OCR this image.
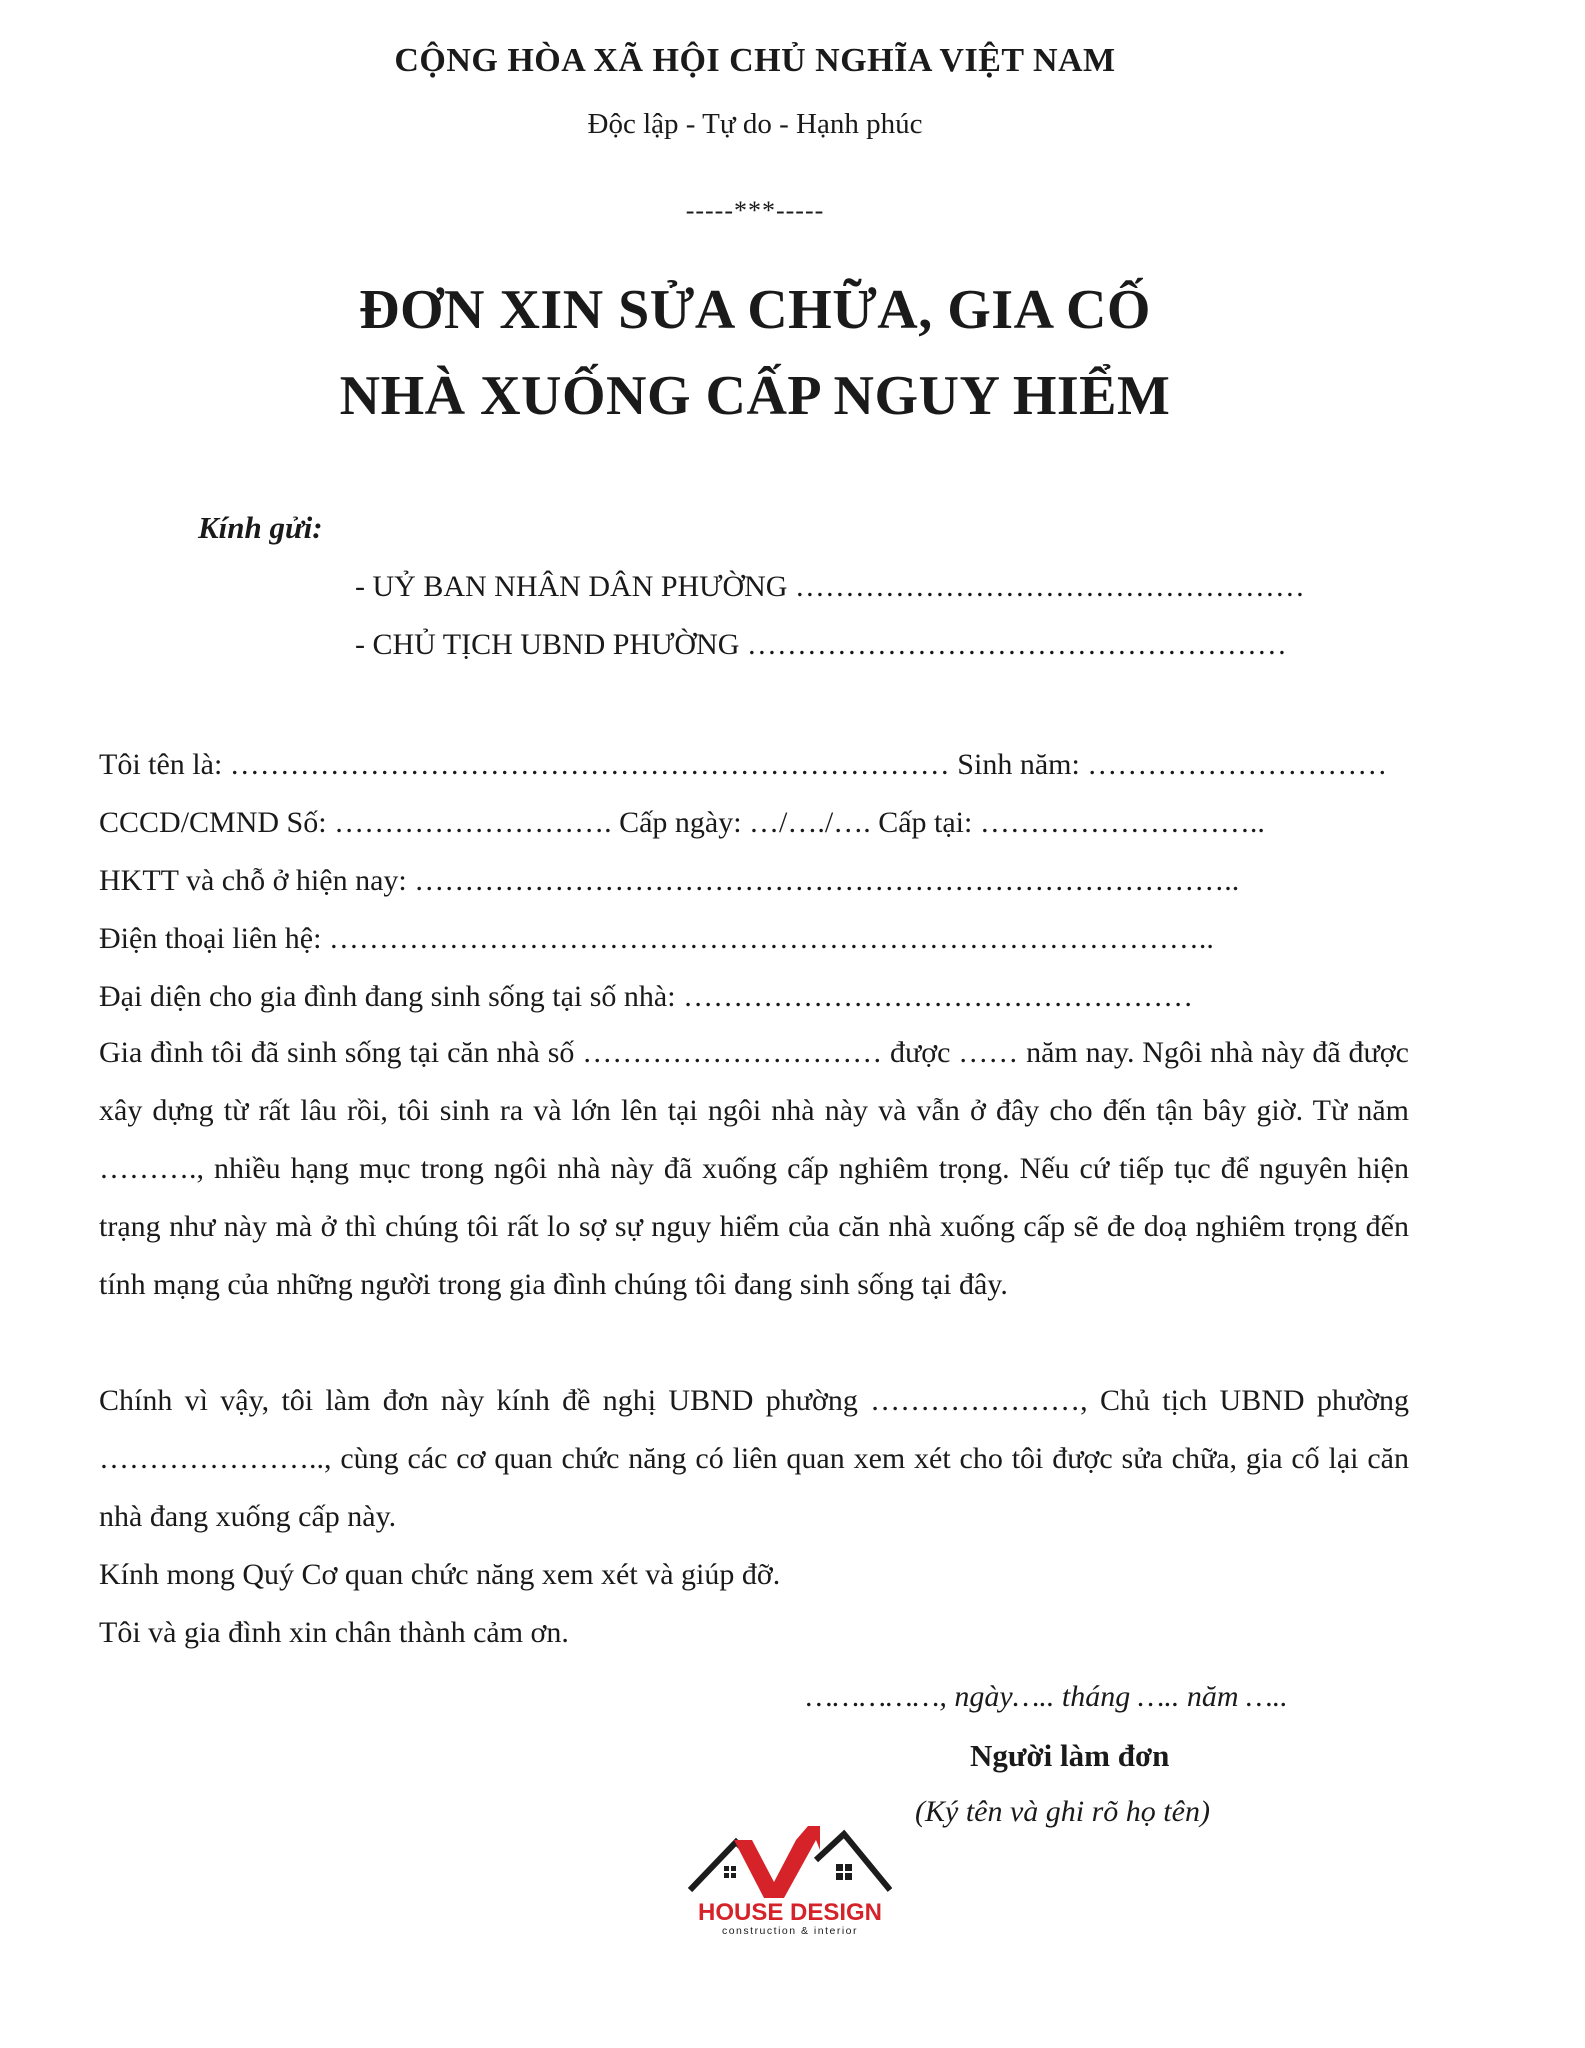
CỘNG HÒA XÃ HỘI CHỦ NGHĨA VIỆT NAM
Độc lập - Tự do - Hạnh phúc
-----***-----
ĐƠN XIN SỬA CHỮA, GIA CỐ
NHÀ XUỐNG CẤP NGUY HIỂM
Kính gửi:
- UỶ BAN NHÂN DÂN PHƯỜNG ……………………………………………
- CHỦ TỊCH UBND PHƯỜNG ………………………………………………
Tôi tên là: ……………………………………………………………… Sinh năm: …………………………
CCCD/CMND Số: ………………………. Cấp ngày: …/…./…. Cấp tại: ………………………..
HKTT và chỗ ở hiện nay: ………………………………………………………………………..
Điện thoại liên hệ: ……………………………………………………………………………..
Đại diện cho gia đình đang sinh sống tại số nhà: ……………………………………………
Gia đình tôi đã sinh sống tại căn nhà số ………………………… được …… năm nay. Ngôi nhà này đã được xây dựng từ rất lâu rồi, tôi sinh ra và lớn lên tại ngôi nhà này và vẫn ở đây cho đến tận bây giờ. Từ năm ………., nhiều hạng mục trong ngôi nhà này đã xuống cấp nghiêm trọng. Nếu cứ tiếp tục để nguyên hiện trạng như này mà ở thì chúng tôi rất lo sợ sự nguy hiểm của căn nhà xuống cấp sẽ đe doạ nghiêm trọng đến tính mạng của những người trong gia đình chúng tôi đang sinh sống tại đây.
Chính vì vậy, tôi làm đơn này kính đề nghị UBND phường …………………, Chủ tịch UBND phường ………………….., cùng các cơ quan chức năng có liên quan xem xét cho tôi được sửa chữa, gia cố lại căn nhà đang xuống cấp này.
Kính mong Quý Cơ quan chức năng xem xét và giúp đỡ.
Tôi và gia đình xin chân thành cảm ơn.
……………, ngày….. tháng ….. năm …..
Người làm đơn
(Ký tên và ghi rõ họ tên)
HOUSE DESIGN
construction & interior
